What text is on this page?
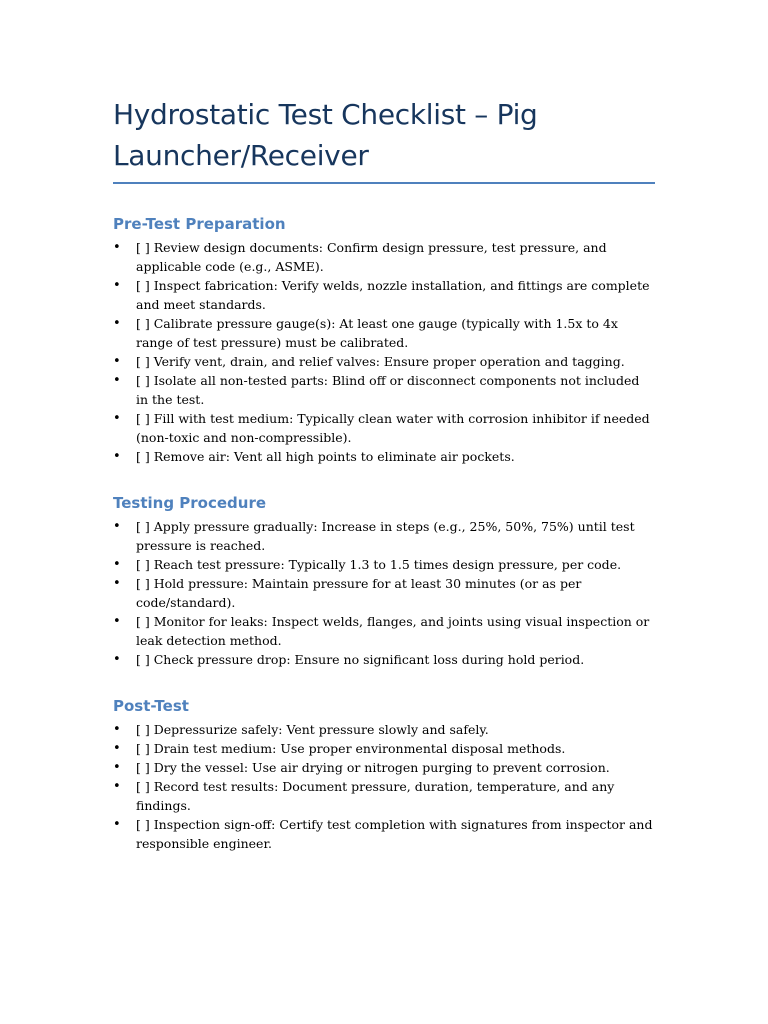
Hydrostatic Test Checklist – Pig Launcher/Receiver
Pre-Test Preparation
• [ ] Review design documents: Confirm design pressure, test pressure, and applicable code (e.g., ASME).
• [ ] Inspect fabrication: Verify welds, nozzle installation, and fittings are complete and meet standards.
• [ ] Calibrate pressure gauge(s): At least one gauge (typically with 1.5x to 4x range of test pressure) must be calibrated.
• [ ] Verify vent, drain, and relief valves: Ensure proper operation and tagging.
• [ ] Isolate all non-tested parts: Blind off or disconnect components not included in the test.
• [ ] Fill with test medium: Typically clean water with corrosion inhibitor if needed (non-toxic and non-compressible).
• [ ] Remove air: Vent all high points to eliminate air pockets.
Testing Procedure
• [ ] Apply pressure gradually: Increase in steps (e.g., 25%, 50%, 75%) until test pressure is reached.
• [ ] Reach test pressure: Typically 1.3 to 1.5 times design pressure, per code.
• [ ] Hold pressure: Maintain pressure for at least 30 minutes (or as per code/standard).
• [ ] Monitor for leaks: Inspect welds, flanges, and joints using visual inspection or leak detection method.
• [ ] Check pressure drop: Ensure no significant loss during hold period.
Post-Test
• [ ] Depressurize safely: Vent pressure slowly and safely.
• [ ] Drain test medium: Use proper environmental disposal methods.
• [ ] Dry the vessel: Use air drying or nitrogen purging to prevent corrosion.
• [ ] Record test results: Document pressure, duration, temperature, and any findings.
• [ ] Inspection sign-off: Certify test completion with signatures from inspector and responsible engineer.
